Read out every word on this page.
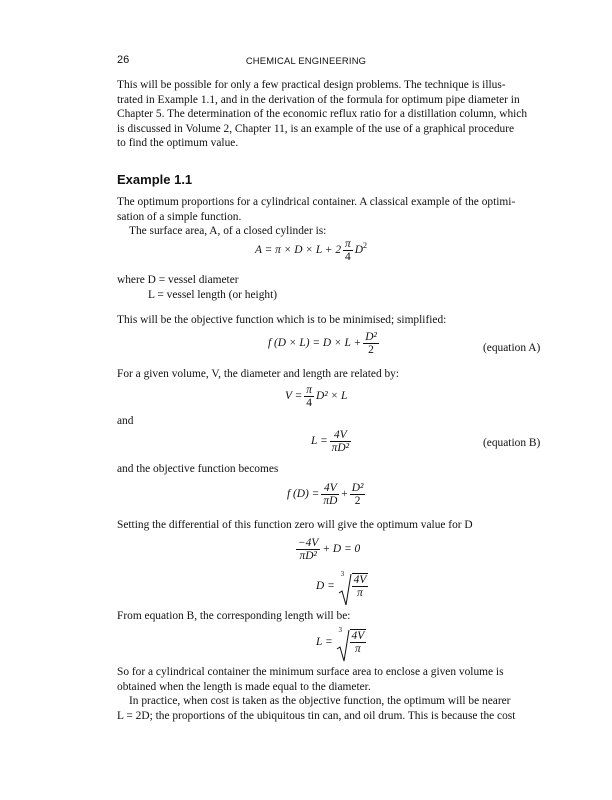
26	CHEMICAL ENGINEERING
This will be possible for only a few practical design problems. The technique is illus-
trated in Example 1.1, and in the derivation of the formula for optimum pipe diameter in
Chapter 5. The determination of the economic reflux ratio for a distillation column, which
is discussed in Volume 2, Chapter 11, is an example of the use of a graphical procedure
to find the optimum value.
Example 1.1
The optimum proportions for a cylindrical container. A classical example of the optimi-
sation of a simple function.
The surface area, A, of a closed cylinder is:
$A = \pi \times D \times L + 2 \frac{\pi}{4} D^2$
where D = vessel diameter
L = vessel length (or height)
This will be the objective function which is to be minimised; simplified:
f $(D \times L) = D \times L + \frac{\text{D²}}{2}$	(equation A)
For a given volume, V, the diameter and length are related by:
$V = \frac{\pi}{4} D^2 \times L$
and
$L = \frac{4V}{\text{πD²}}$	(equation B)
and the objective function becomes
f $(D) = \frac{4V}{\pi D} + \frac{\text{D²}}{2}$
Setting the differential of this function zero will give the optimum value for D
$\frac{-4V}{\text{πD²}} + D = 0$
D =
$3 \frac{4V}{\pi}$
From equation B, the corresponding length will be:
L =
$3 \frac{4V}{\pi}$
So for a cylindrical container the minimum surface area to enclose a given volume is
obtained when the length is made equal to the diameter.
In practice, when cost is taken as the objective function, the optimum will be nearer
L = 2D; the proportions of the ubiquitous tin can, and oil drum. This is because the cost
